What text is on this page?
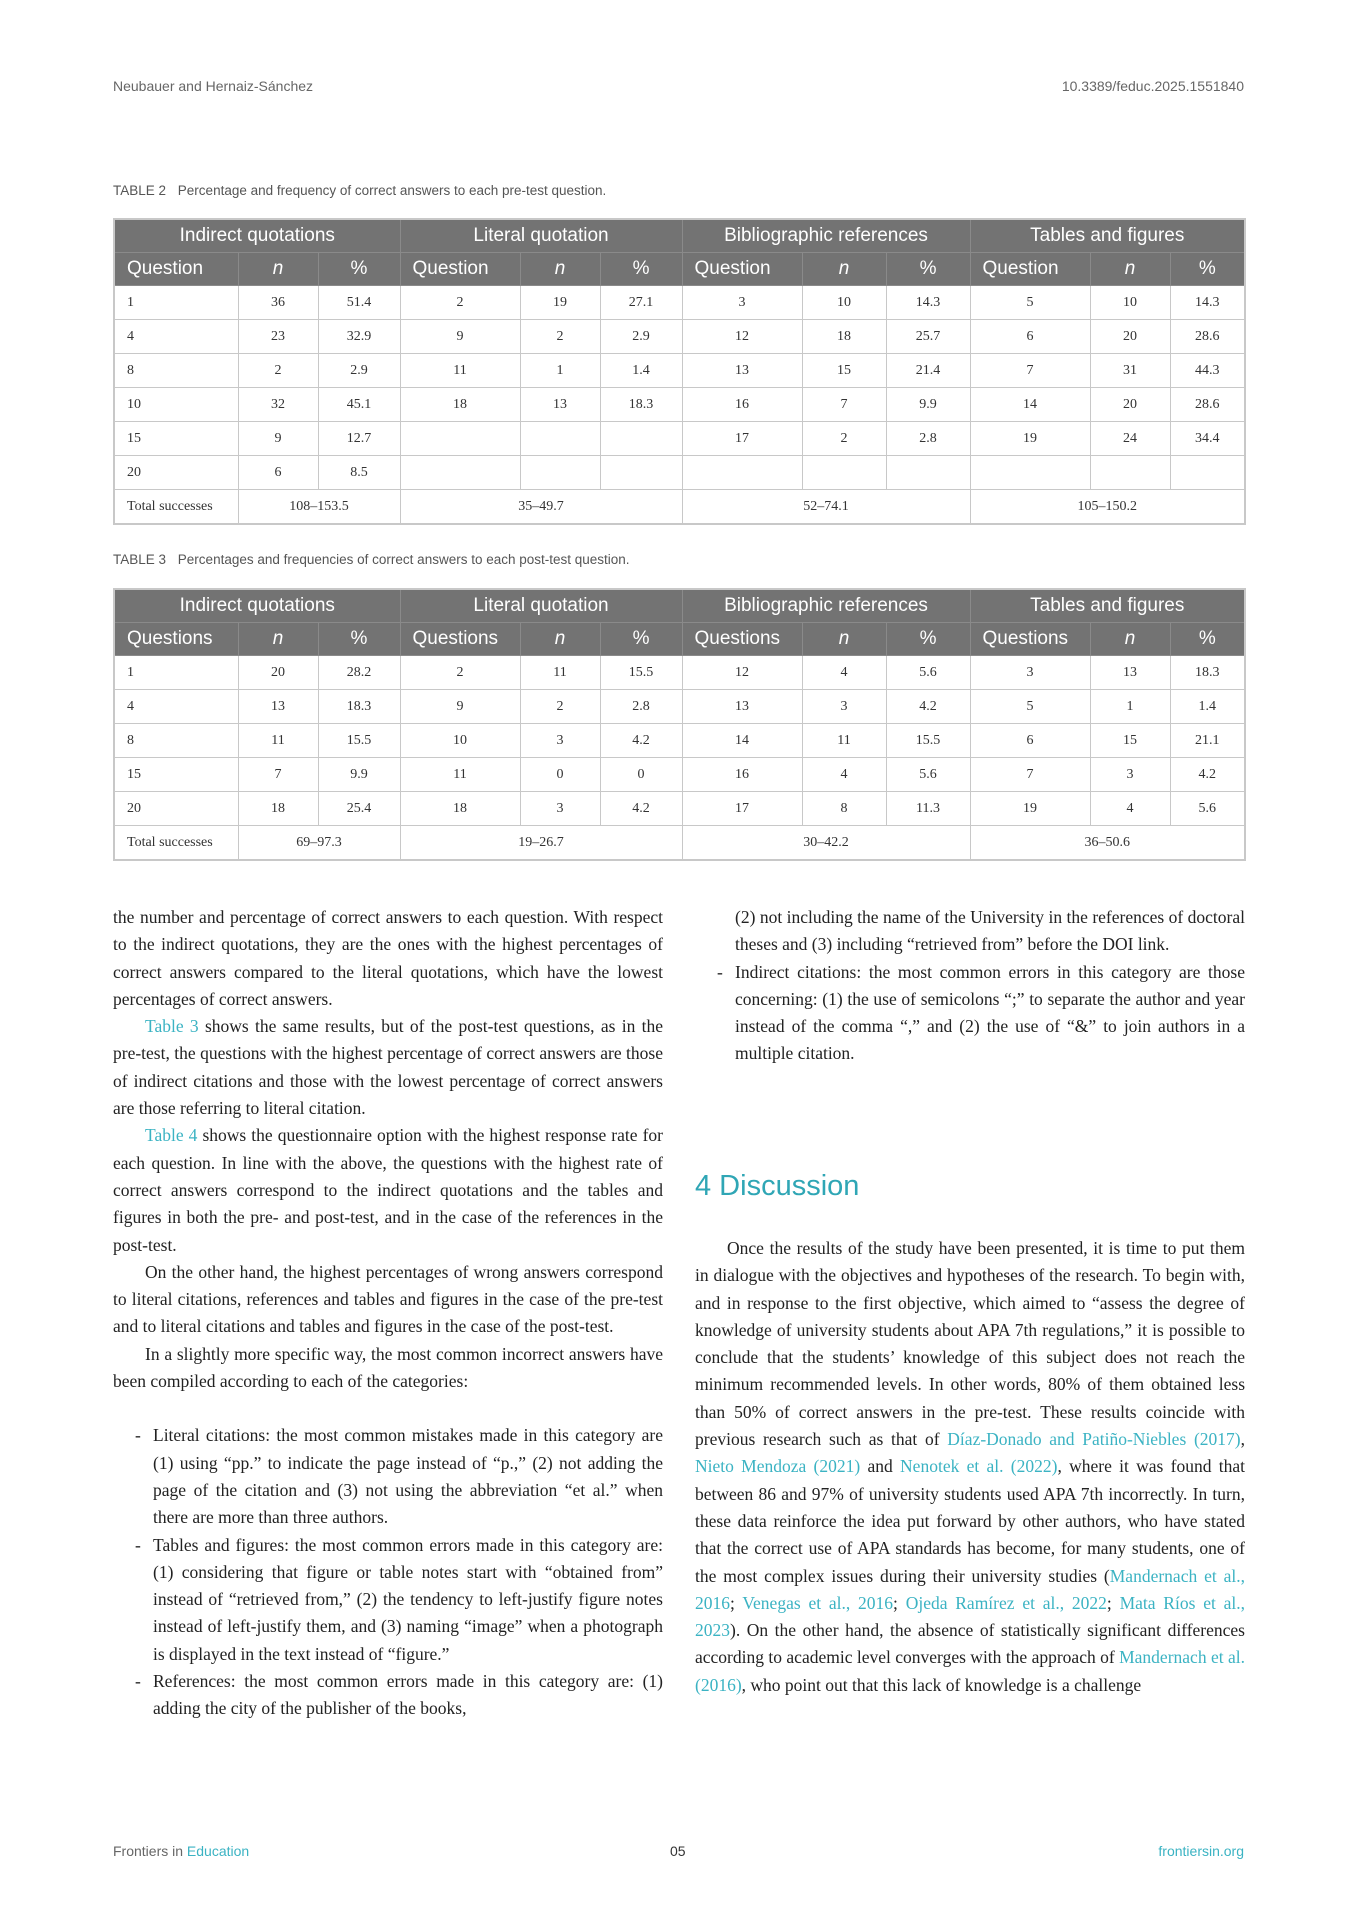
Neubauer and Hernaiz-Sánchez	10.3389/feduc.2025.1551840
TABLE 2 Percentage and frequency of correct answers to each pre-test question.
Indirect quotations			Literal quotation			Bibliographic references			Tables and figures		
Question	n	%	Question	n	%	Question	n	%	Question	n	%
1	36	51.4	2	19	27.1	3	10	14.3	5	10	14.3
4	23	32.9	9	2	2.9	12	18	25.7	6	20	28.6
8	2	2.9	11	1	1.4	13	15	21.4	7	31	44.3
10	32	45.1	18	13	18.3	16	7	9.9	14	20	28.6
15	9	12.7				17	2	2.8	19	24	34.4
20	6	8.5									
Total successes	108–153.5		35–49.7			52–74.1			105–150.2		
TABLE 3 Percentages and frequencies of correct answers to each post-test question.
Indirect quotations			Literal quotation			Bibliographic references			Tables and figures		
Questions	n	%	Questions	n	%	Questions	n	%	Questions	n	%
1	20	28.2	2	11	15.5	12	4	5.6	3	13	18.3
4	13	18.3	9	2	2.8	13	3	4.2	5	1	1.4
8	11	15.5	10	3	4.2	14	11	15.5	6	15	21.1
15	7	9.9	11	0	0	16	4	5.6	7	3	4.2
20	18	25.4	18	3	4.2	17	8	11.3	19	4	5.6
Total successes	69–97.3		19–26.7			30–42.2			36–50.6		

the number and percentage of correct answers to each question. With respect to the indirect quotations, they are the ones with the highest percentages of correct answers compared to the literal quotations, which have the lowest percentages of correct answers.

Table 3 shows the same results, but of the post-test questions, as in the pre-test, the questions with the highest percentage of correct answers are those of indirect citations and those with the lowest percentage of correct answers are those referring to literal citation.

Table 4 shows the questionnaire option with the highest response rate for each question. In line with the above, the questions with the highest rate of correct answers correspond to the indirect quotations and the tables and figures in both the pre- and post-test, and in the case of the references in the post-test.

On the other hand, the highest percentages of wrong answers correspond to literal citations, references and tables and figures in the case of the pre-test and to literal citations and tables and figures in the case of the post-test.

In a slightly more specific way, the most common incorrect answers have been compiled according to each of the categories:

- Literal citations: the most common mistakes made in this category are (1) using “pp.” to indicate the page instead of “p.,” (2) not adding the page of the citation and (3) not using the abbreviation “et al.” when there are more than three authors.
- Tables and figures: the most common errors made in this category are: (1) considering that figure or table notes start with “obtained from” instead of “retrieved from,” (2) the tendency to left-justify figure notes instead of left-justify them, and (3) naming “image” when a photograph is displayed in the text instead of “figure.”
- References: the most common errors made in this category are: (1) adding the city of the publisher of the books,
(2) not including the name of the University in the references of doctoral theses and (3) including “retrieved from” before the DOI link.
- Indirect citations: the most common errors in this category are those concerning: (1) the use of semicolons “;” to separate the author and year instead of the comma “,” and (2) the use of “&” to join authors in a multiple citation.
4 Discussion

Once the results of the study have been presented, it is time to put them in dialogue with the objectives and hypotheses of the research. To begin with, and in response to the first objective, which aimed to “assess the degree of knowledge of university students about APA 7th regulations,” it is possible to conclude that the students’ knowledge of this subject does not reach the minimum recommended levels. In other words, 80% of them obtained less than 50% of correct answers in the pre-test. These results coincide with previous research such as that of Díaz-Donado and Patiño-Niebles (2017), Nieto Mendoza (2021) and Nenotek et al. (2022), where it was found that between 86 and 97% of university students used APA 7th incorrectly. In turn, these data reinforce the idea put forward by other authors, who have stated that the correct use of APA standards has become, for many students, one of the most complex issues during their university studies (Mandernach et al., 2016; Venegas et al., 2016; Ojeda Ramírez et al., 2022; Mata Ríos et al., 2023). On the other hand, the absence of statistically significant differences according to academic level converges with the approach of Mandernach et al. (2016), who point out that this lack of knowledge is a challenge

Frontiers in Education	05	frontiersin.org
